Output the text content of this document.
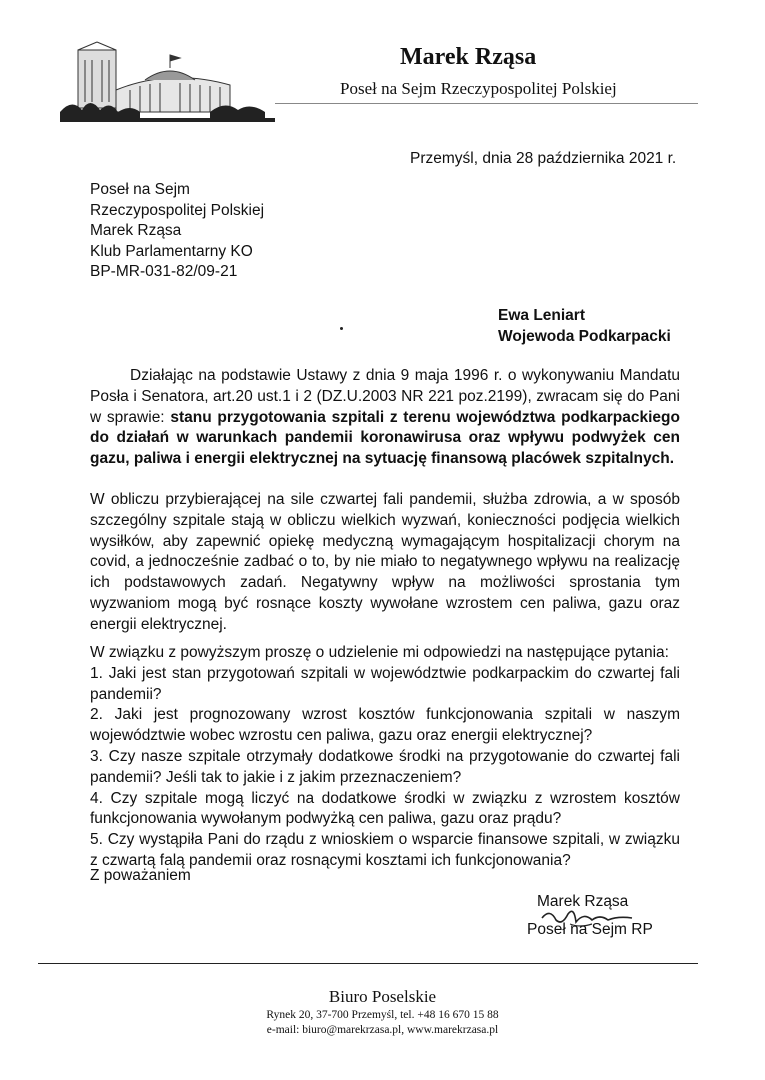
Marek Rząsa
Poseł na Sejm Rzeczypospolitej Polskiej
Przemyśl, dnia 28 października 2021 r.
Poseł na Sejm
Rzeczypospolitej Polskiej
Marek Rząsa
Klub Parlamentarny KO
BP-MR-031-82/09-21
Ewa Leniart
Wojewoda Podkarpacki

Działając na podstawie Ustawy z dnia 9 maja 1996 r. o wykonywaniu Mandatu Posła i Senatora, art.20 ust.1 i 2 (DZ.U.2003 NR 221 poz.2199), zwracam się do Pani w sprawie: stanu przygotowania szpitali z terenu województwa podkarpackiego do działań w warunkach pandemii koronawirusa oraz wpływu podwyżek cen gazu, paliwa i energii elektrycznej na sytuację finansową placówek szpitalnych.

W obliczu przybierającej na sile czwartej fali pandemii, służba zdrowia, a w sposób szczególny szpitale stają w obliczu wielkich wyzwań, konieczności podjęcia wielkich wysiłków, aby zapewnić opiekę medyczną wymagającym hospitalizacji chorym na covid, a jednocześnie zadbać o to, by nie miało to negatywnego wpływu na realizację ich podstawowych zadań. Negatywny wpływ na możliwości sprostania tym wyzwaniom mogą być rosnące koszty wywołane wzrostem cen paliwa, gazu oraz energii elektrycznej.

W związku z powyższym proszę o udzielenie mi odpowiedzi na następujące pytania:

1. Jaki jest stan przygotowań szpitali w województwie podkarpackim do czwartej fali pandemii?

2. Jaki jest prognozowany wzrost kosztów funkcjonowania szpitali w naszym województwie wobec wzrostu cen paliwa, gazu oraz energii elektrycznej?

3. Czy nasze szpitale otrzymały dodatkowe środki na przygotowanie do czwartej fali pandemii? Jeśli tak to jakie i z jakim przeznaczeniem?

4. Czy szpitale mogą liczyć na dodatkowe środki w związku z wzrostem kosztów funkcjonowania wywołanym podwyżką cen paliwa, gazu oraz prądu?

5. Czy wystąpiła Pani do rządu z wnioskiem o wsparcie finansowe szpitali, w związku z czwartą falą pandemii oraz rosnącymi kosztami ich funkcjonowania?

Z poważaniem
Marek Rząsa
Poseł na Sejm RP
Biuro Poselskie
Rynek 20, 37-700 Przemyśl, tel. +48 16 670 15 88
e-mail: biuro@marekrzasa.pl, www.marekrzasa.pl
